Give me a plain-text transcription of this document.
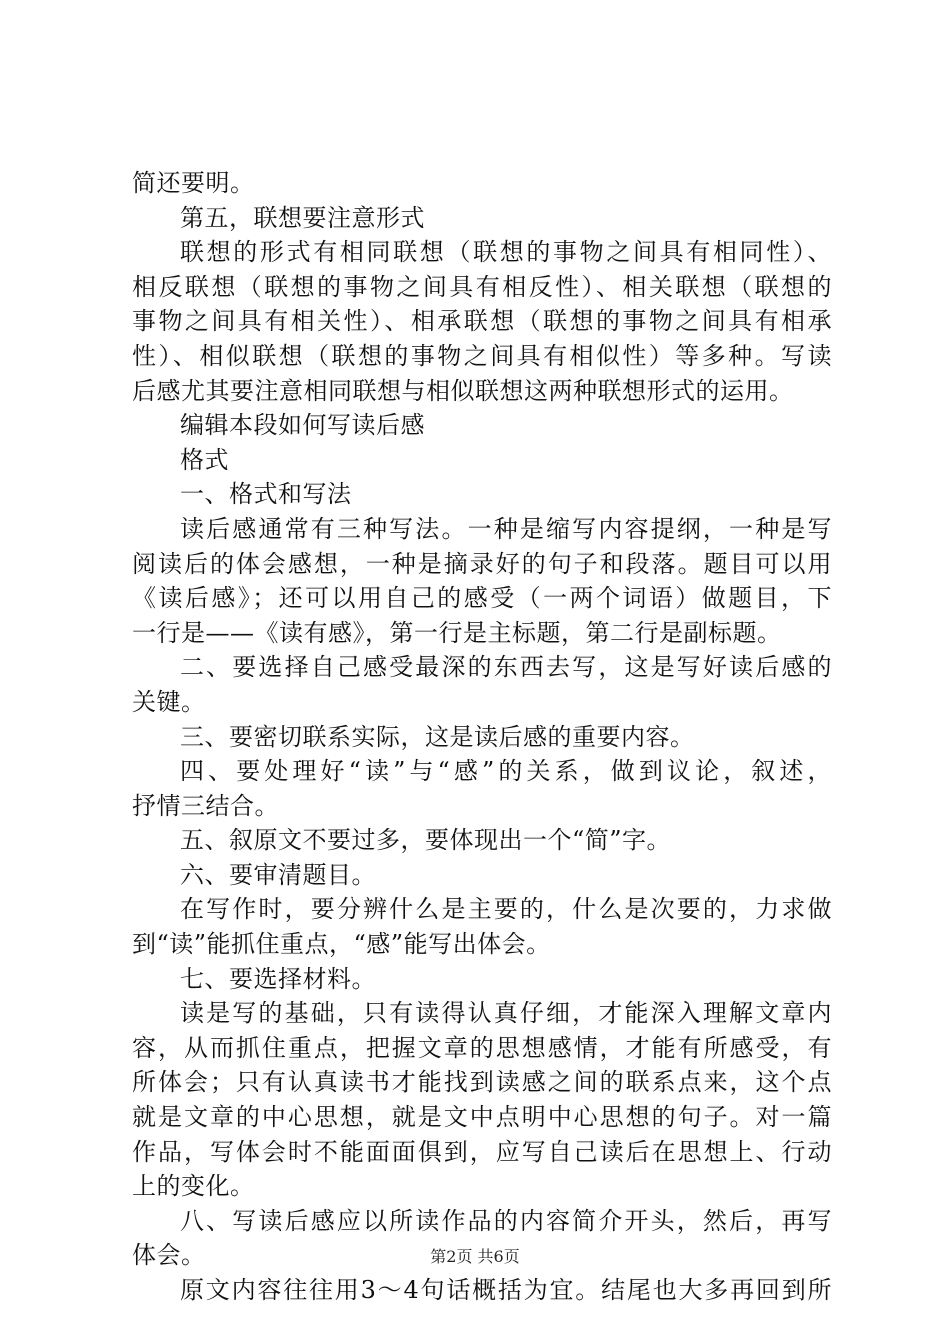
简还要明。
第五，联想要注意形式
联想的形式有相同联想（联想的事物之间具有相同性）、
相反联想（联想的事物之间具有相反性）、相关联想（联想的
事物之间具有相关性）、相承联想（联想的事物之间具有相承
性）、相似联想（联想的事物之间具有相似性）等多种。写读
后感尤其要注意相同联想与相似联想这两种联想形式的运用。
编辑本段如何写读后感
格式
一、格式和写法
读后感通常有三种写法。一种是缩写内容提纲，一种是写
阅读后的体会感想，一种是摘录好的句子和段落。题目可以用
《读后感》；还可以用自己的感受（一两个词语）做题目，下
一行是——《读有感》，第一行是主标题，第二行是副标题。
二、要选择自己感受最深的东西去写，这是写好读后感的
关键。
三、要密切联系实际，这是读后感的重要内容。
四、要处理好“读”与“感”的关系，做到议论，叙述，
抒情三结合。
五、叙原文不要过多，要体现出一个“简”字。
六、要审清题目。
在写作时，要分辨什么是主要的，什么是次要的，力求做
到“读”能抓住重点，“感”能写出体会。
七、要选择材料。
读是写的基础，只有读得认真仔细，才能深入理解文章内
容，从而抓住重点，把握文章的思想感情，才能有所感受，有
所体会；只有认真读书才能找到读感之间的联系点来，这个点
就是文章的中心思想，就是文中点明中心思想的句子。对一篇
作品，写体会时不能面面俱到，应写自己读后在思想上、行动
上的变化。
八、写读后感应以所读作品的内容简介开头，然后，再写
体会。
原文内容往往用3～4句话概括为宜。结尾也大多再回到所
第2页 共6页
